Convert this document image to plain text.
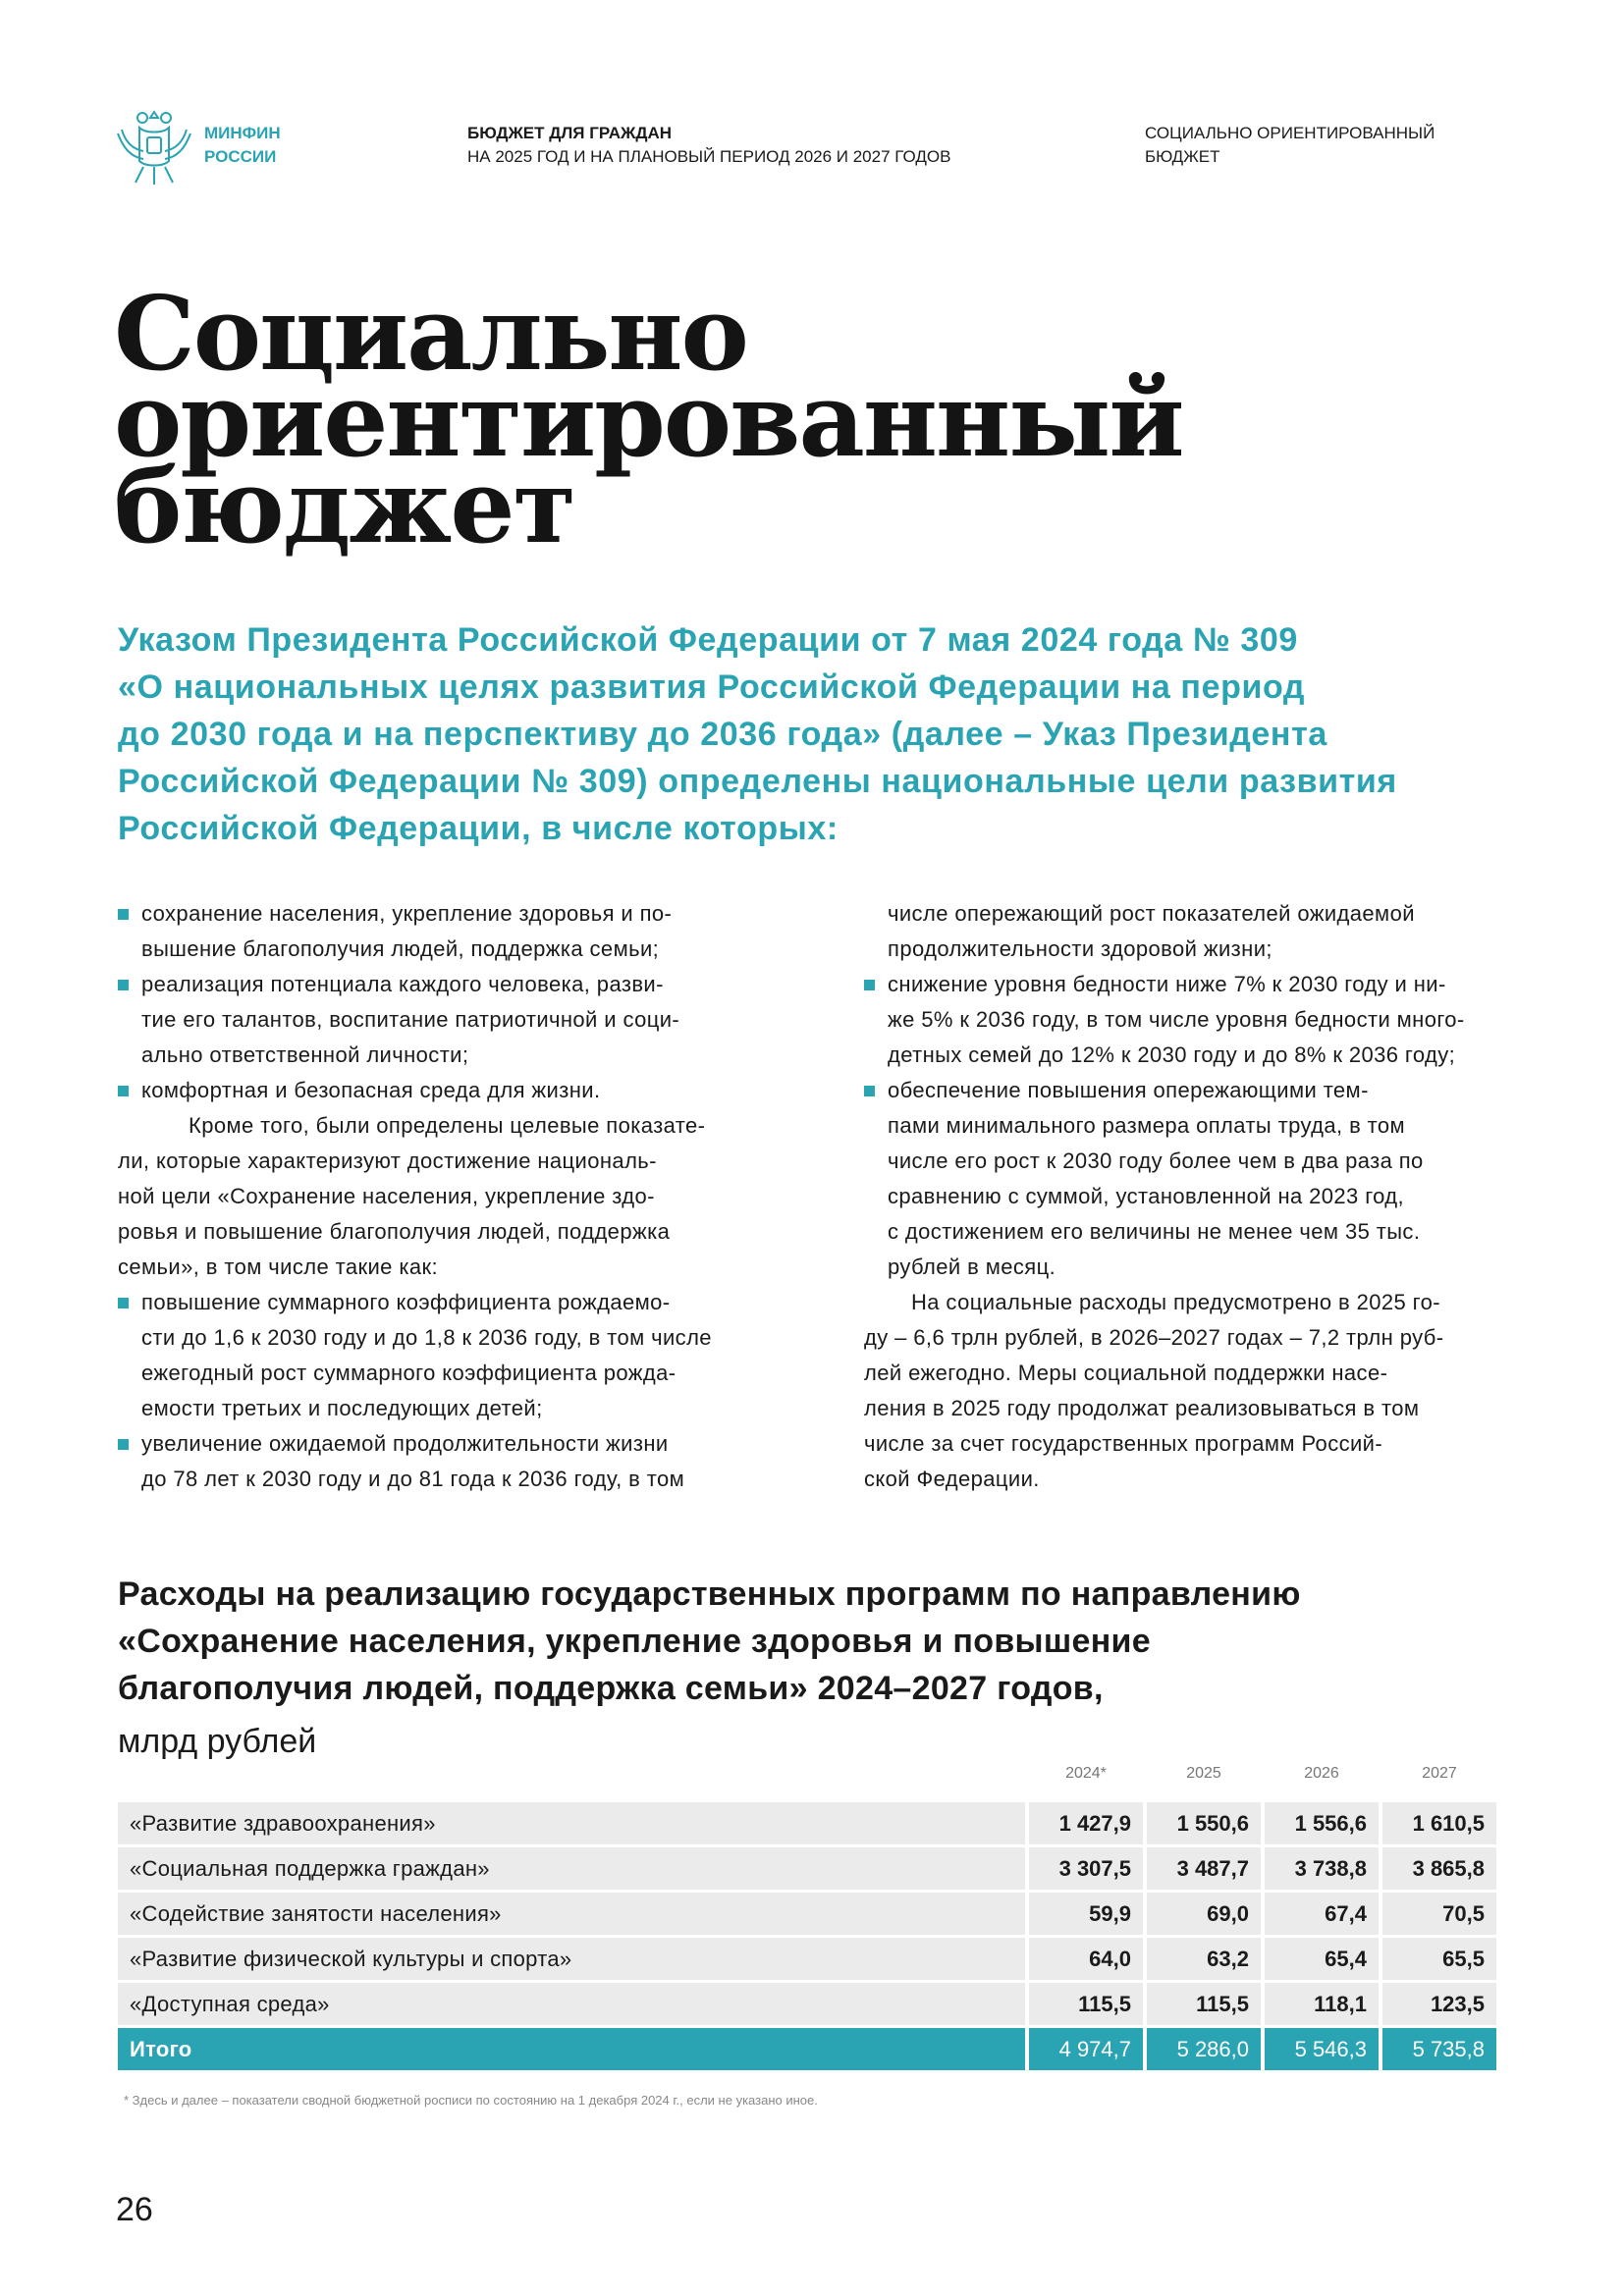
МИНФИН
РОССИИ
БЮДЖЕТ ДЛЯ ГРАЖДАН
НА 2025 ГОД И НА ПЛАНОВЫЙ ПЕРИОД 2026 И 2027 ГОДОВ
СОЦИАЛЬНО ОРИЕНТИРОВАННЫЙ
БЮДЖЕТ
Социально
ориентированный
бюджет
Указом Президента Российской Федерации от 7 мая 2024 года № 309
«О национальных целях развития Российской Федерации на период
до 2030 года и на перспективу до 2036 года» (далее – Указ Президента
Российской Федерации № 309) определены национальные цели развития
Российской Федерации, в числе которых:
сохранение населения, укрепление здоровья и по-
вышение благополучия людей, поддержка семьи;
реализация потенциала каждого человека, разви-
тие его талантов, воспитание патриотичной и соци-
ально ответственной личности;
комфортная и безопасная среда для жизни.
Кроме того, были определены целевые показате-
ли, которые характеризуют достижение националь-
ной цели «Сохранение населения, укрепление здо-
ровья и повышение благополучия людей, поддержка
семьи», в том числе такие как:
повышение суммарного коэффициента рождаемо-
сти до 1,6 к 2030 году и до 1,8 к 2036 году, в том числе
ежегодный рост суммарного коэффициента рожда-
емости третьих и последующих детей;
увеличение ожидаемой продолжительности жизни
до 78 лет к 2030 году и до 81 года к 2036 году, в том
числе опережающий рост показателей ожидаемой
продолжительности здоровой жизни;
снижение уровня бедности ниже 7% к 2030 году и ни-
же 5% к 2036 году, в том числе уровня бедности много-
детных семей до 12% к 2030 году и до 8% к 2036 году;
обеспечение повышения опережающими тем-
пами минимального размера оплаты труда, в том
числе его рост к 2030 году более чем в два раза по
сравнению с суммой, установленной на 2023 год,
с достижением его величины не менее чем 35 тыс.
рублей в месяц.
На социальные расходы предусмотрено в 2025 го-
ду – 6,6 трлн рублей, в 2026–2027 годах – 7,2 трлн руб-
лей ежегодно. Меры социальной поддержки насе-
ления в 2025 году продолжат реализовываться в том
числе за счет государственных программ Россий-
ской Федерации.
Расходы на реализацию государственных программ по направлению
«Сохранение населения, укрепление здоровья и повышение
благополучия людей, поддержка семьи» 2024–2027 годов,
млрд рублей
2024*	2025	2026	2027
«Развитие здравоохранения»	1 427,9	1 550,6	1 556,6	1 610,5
«Социальная поддержка граждан»	3 307,5	3 487,7	3 738,8	3 865,8
«Содействие занятости населения»	59,9	69,0	67,4	70,5
«Развитие физической культуры и спорта»	64,0	63,2	65,4	65,5
«Доступная среда»	115,5	115,5	118,1	123,5
Итого	4 974,7	5 286,0	5 546,3	5 735,8
* Здесь и далее – показатели сводной бюджетной росписи по состоянию на 1 декабря 2024 г., если не указано иное.
26
